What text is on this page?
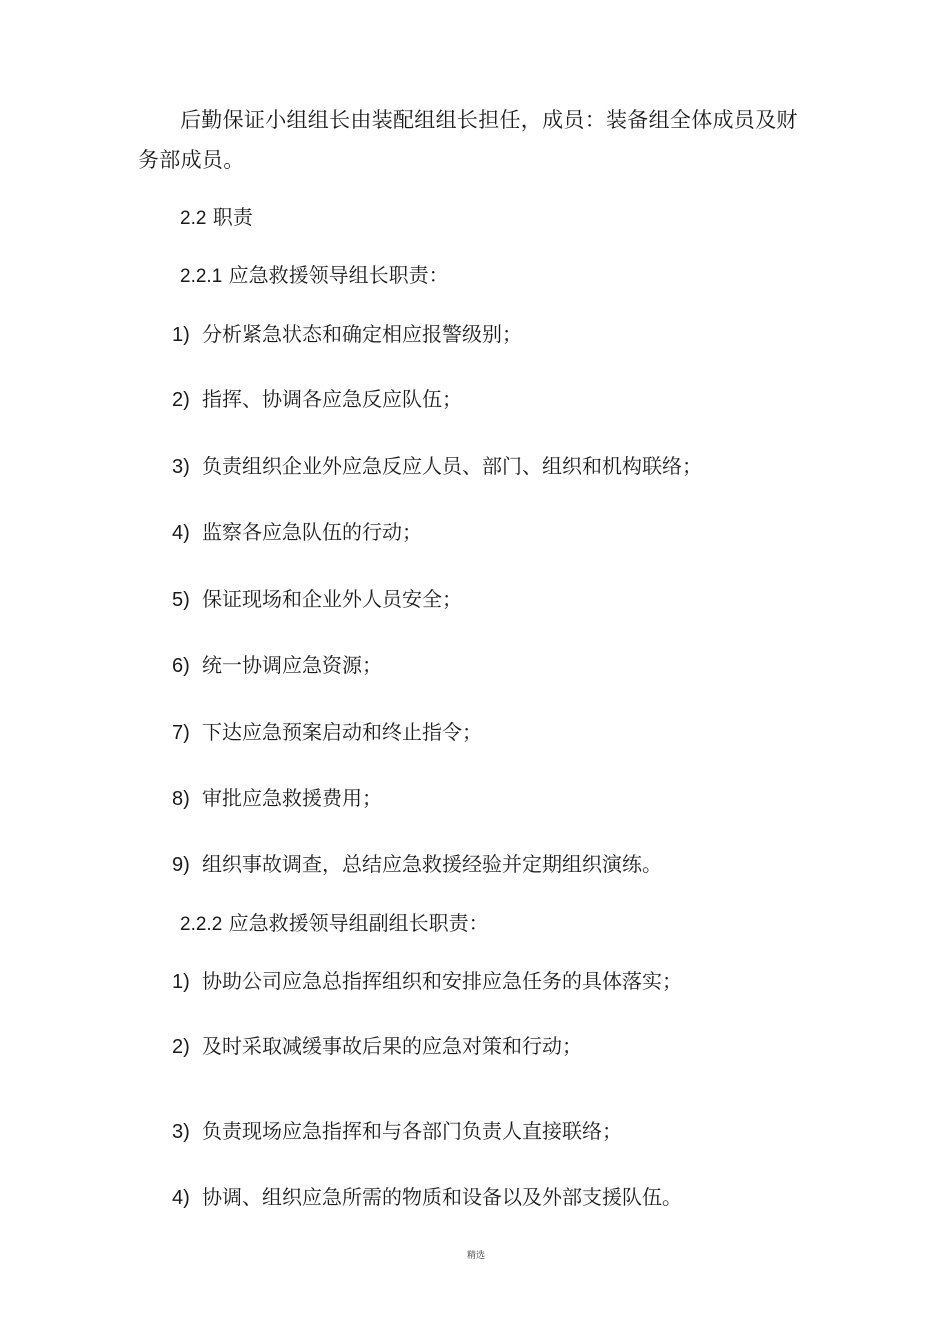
后勤保证小组组长由装配组组长担任，成员：装备组全体成员及财务部成员。
2.2 职责
2.2.1 应急救援领导组长职责：
1) 分析紧急状态和确定相应报警级别；
2) 指挥、协调各应急反应队伍；
3) 负责组织企业外应急反应人员、部门、组织和机构联络；
4) 监察各应急队伍的行动；
5) 保证现场和企业外人员安全；
6) 统一协调应急资源；
7) 下达应急预案启动和终止指令；
8) 审批应急救援费用；
9) 组织事故调查，总结应急救援经验并定期组织演练。
2.2.2 应急救援领导组副组长职责：
1) 协助公司应急总指挥组织和安排应急任务的具体落实；
2) 及时采取减缓事故后果的应急对策和行动；
3) 负责现场应急指挥和与各部门负责人直接联络；
4) 协调、组织应急所需的物质和设备以及外部支援队伍。
精选
